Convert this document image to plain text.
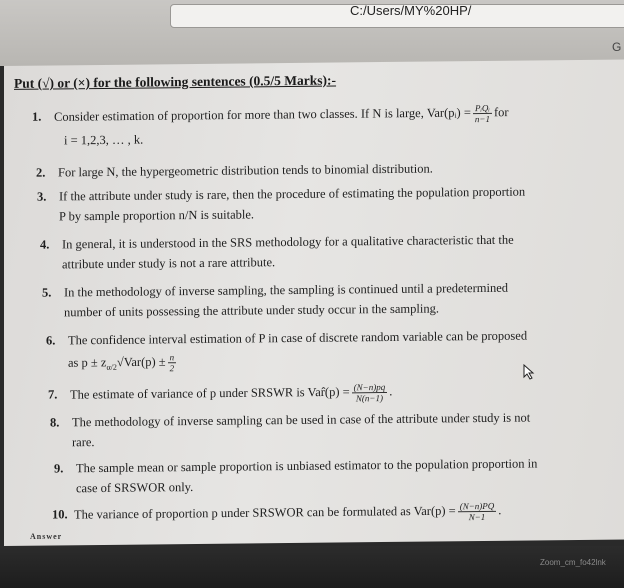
C:/Users/MY%20HP/
G
Put (√) or (×) for the following sentences (0.5/5 Marks):-
1. Consider estimation of proportion for more than two classes. If N is large, Var(pᵢ) = $\frac{\text{PᵢQᵢ}}{n-1}$ for
i = 1,2,3, … , k.
2. For large N, the hypergeometric distribution tends to binomial distribution.
3. If the attribute under study is rare, then the procedure of estimating the population proportion
P by sample proportion n/N is suitable.
4. In general, it is understood in the SRS methodology for a qualitative characteristic that the
attribute under study is not a rare attribute.
5. In the methodology of inverse sampling, the sampling is continued until a predetermined
number of units possessing the attribute under study occur in the sampling.
6. The confidence interval estimation of P in case of discrete random variable can be proposed
as $p \pm z_{\alpha/2}√Var(p) \pm \frac{n}{2}$
7. The estimate of variance of p under SRSWR is Var̂(p) = $\frac{(N-n)pq}{N(n-1)}$ .
8. The methodology of inverse sampling can be used in case of the attribute under study is not
rare.
9. The sample mean or sample proportion is unbiased estimator to the population proportion in
case of SRSWOR only.
10. The variance of proportion p under SRSWOR can be formulated as $Var(p) = \frac{(N-n)PQ}{N-1}$ .
Answer
Zoom_cm_fo42lnk
